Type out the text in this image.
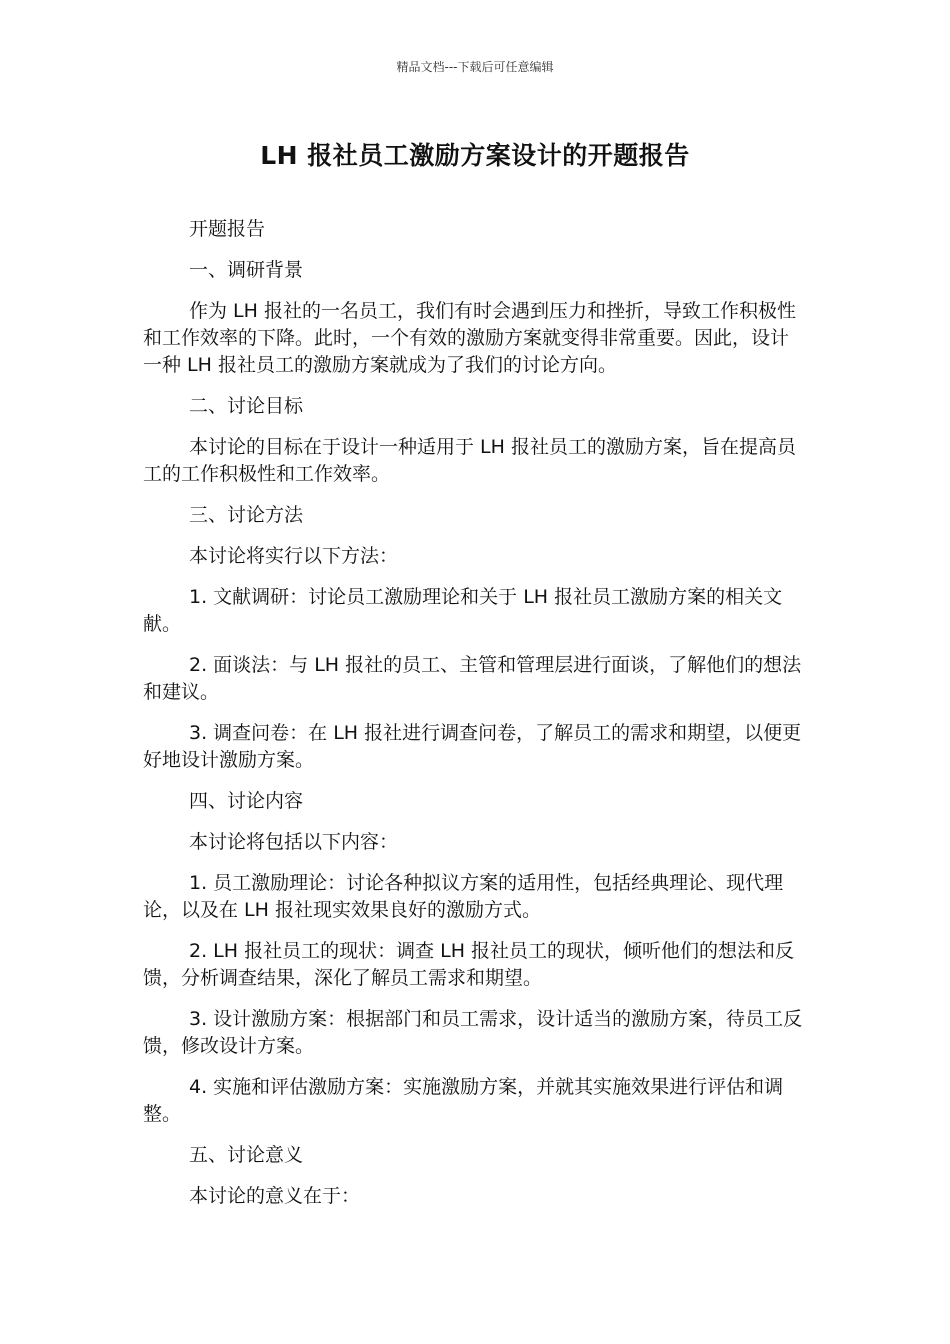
精品文档---下载后可任意编辑
LH 报社员工激励方案设计的开题报告

开题报告

一、调研背景

作为 LH 报社的一名员工，我们有时会遇到压力和挫折，导致工作积极性和工作效率的下降。此时，一个有效的激励方案就变得非常重要。因此，设计一种 LH 报社员工的激励方案就成为了我们的讨论方向。

二、讨论目标

本讨论的目标在于设计一种适用于 LH 报社员工的激励方案，旨在提高员工的工作积极性和工作效率。

三、讨论方法

本讨论将实行以下方法：

1. 文献调研：讨论员工激励理论和关于 LH 报社员工激励方案的相关文献。

2. 面谈法：与 LH 报社的员工、主管和管理层进行面谈，了解他们的想法和建议。

3. 调查问卷：在 LH 报社进行调查问卷，了解员工的需求和期望，以便更好地设计激励方案。

四、讨论内容

本讨论将包括以下内容：

1. 员工激励理论：讨论各种拟议方案的适用性，包括经典理论、现代理论，以及在 LH 报社现实效果良好的激励方式。

2. LH 报社员工的现状：调查 LH 报社员工的现状，倾听他们的想法和反馈，分析调查结果，深化了解员工需求和期望。

3. 设计激励方案：根据部门和员工需求，设计适当的激励方案，待员工反馈，修改设计方案。

4. 实施和评估激励方案：实施激励方案，并就其实施效果进行评估和调整。

五、讨论意义

本讨论的意义在于：
